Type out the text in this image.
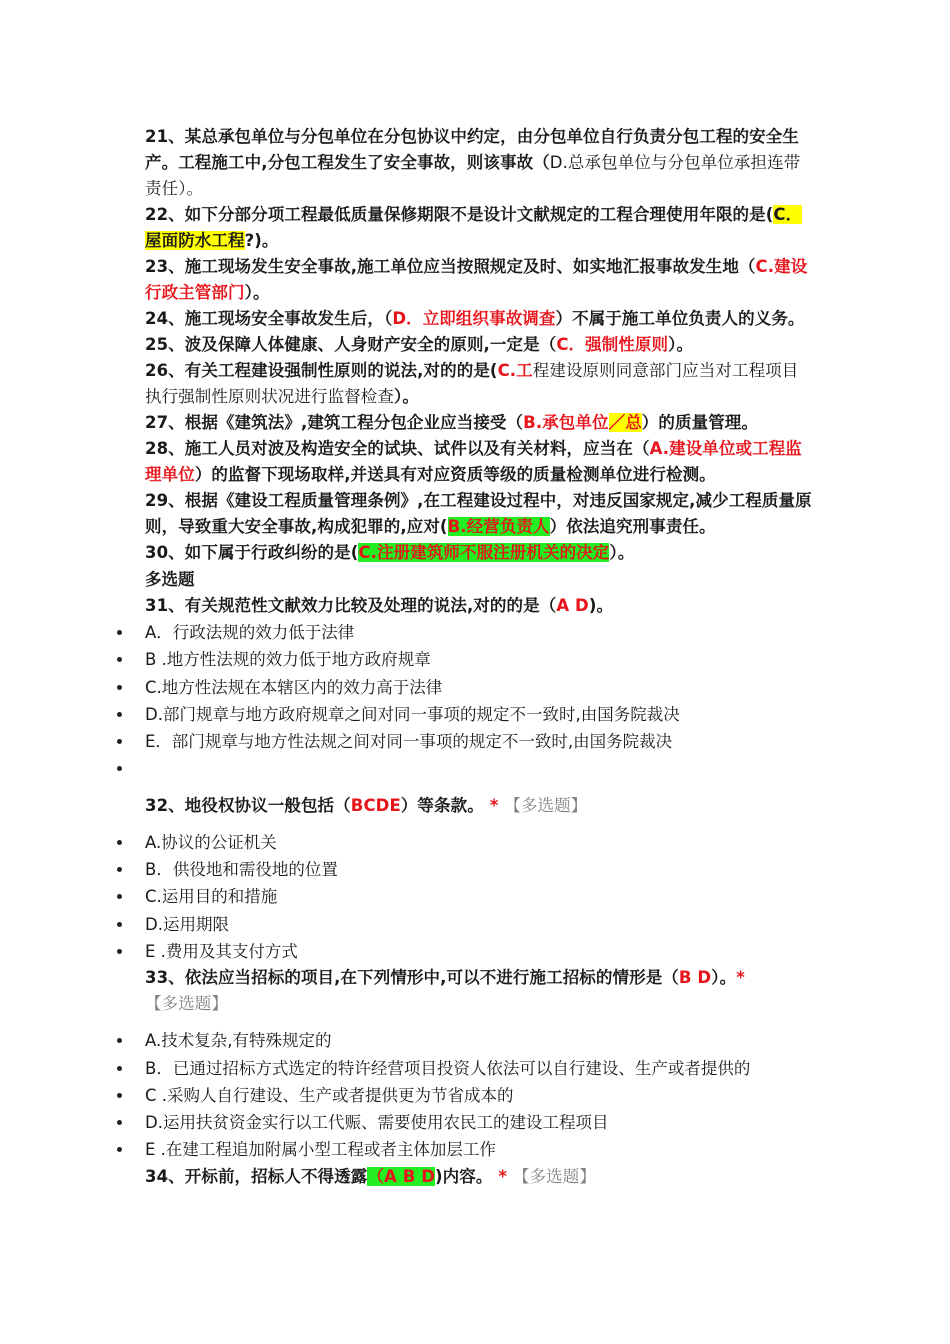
21、某总承包单位与分包单位在分包协议中约定，由分包单位自行负责分包工程的安全生产。工程施工中,分包工程发生了安全事故，则该事故（D.总承包单位与分包单位承担连带责任）。

22、如下分部分项工程最低质量保修期限不是设计文献规定的工程合理使用年限的是(C．屋面防水工程?)。

23、施工现场发生安全事故,施工单位应当按照规定及时、如实地汇报事故发生地（C.建设行政主管部门）。

24、施工现场安全事故发生后，（D．立即组织事故调查）不属于施工单位负责人的义务。

25、波及保障人体健康、人身财产安全的原则,一定是（C．强制性原则）。

26、有关工程建设强制性原则的说法,对的的是(C.工程建设原则同意部门应当对工程项目执行强制性原则状况进行监督检查）。

27、根据《建筑法》,建筑工程分包企业应当接受（B.承包单位／总）的质量管理。

28、施工人员对波及构造安全的试块、试件以及有关材料，应当在（A.建设单位或工程监理单位）的监督下现场取样,并送具有对应资质等级的质量检测单位进行检测。

29、根据《建设工程质量管理条例》,在工程建设过程中，对违反国家规定,减少工程质量原则，导致重大安全事故,构成犯罪的,应对(B.经营负责人）依法追究刑事责任。

30、如下属于行政纠纷的是(C.注册建筑师不服注册机关的决定）。

多选题

31、有关规范性文献效力比较及处理的说法,对的的是（A D)。

A．行政法规的效力低于法律
B .地方性法规的效力低于地方政府规章
C.地方性法规在本辖区内的效力高于法律
D.部门规章与地方政府规章之间对同一事项的规定不一致时,由国务院裁决
E．部门规章与地方性法规之间对同一事项的规定不一致时,由国务院裁决

32、地役权协议一般包括（BCDE）等条款。 * 【多选题】

A.协议的公证机关
B．供役地和需役地的位置
C.运用目的和措施
D.运用期限
E .费用及其支付方式

33、依法应当招标的项目,在下列情形中,可以不进行施工招标的情形是（B D）。*
【多选题】

A.技术复杂,有特殊规定的
B．已通过招标方式选定的特许经营项目投资人依法可以自行建设、生产或者提供的
C .采购人自行建设、生产或者提供更为节省成本的
D.运用扶贫资金实行以工代赈、需要使用农民工的建设工程项目
E .在建工程追加附属小型工程或者主体加层工作

34、开标前，招标人不得透露（A B D)内容。 * 【多选题】
